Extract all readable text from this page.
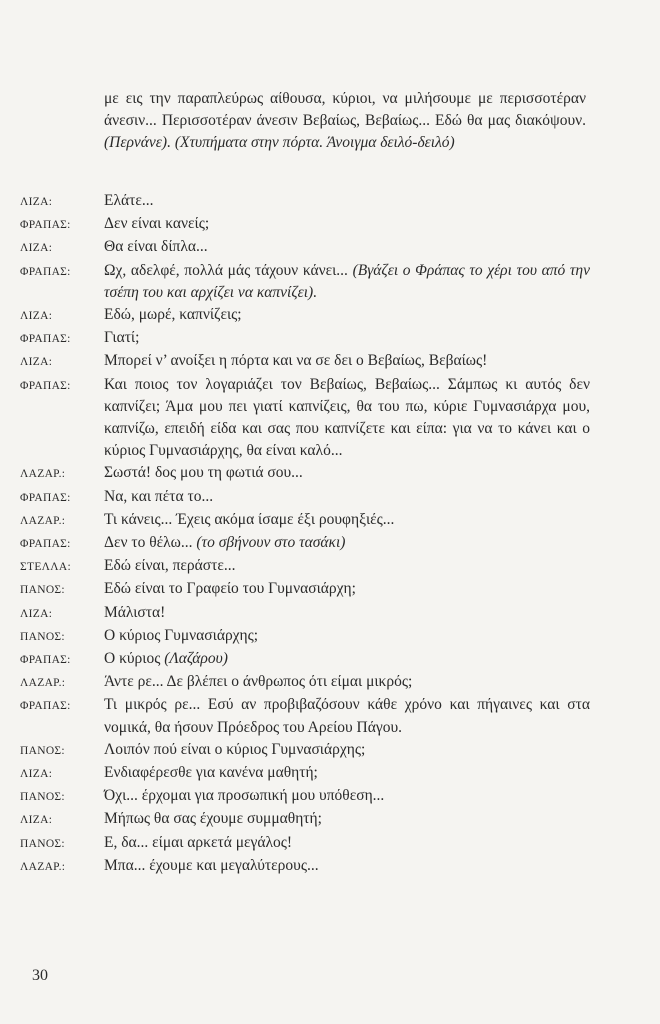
με εις την παραπλεύρως αίθουσα, κύριοι, να μιλήσουμε με περισσοτέραν άνεσιν... Περισσοτέραν άνεσιν Βεβαίως, Βεβαίως... Εδώ θα μας διακόψουν. (Περνάνε). (Χτυπήματα στην πόρτα. Άνοιγμα δειλό-δειλό)
ΛΙΖΑ:	Ελάτε...
ΦΡΑΠΑΣ:	Δεν είναι κανείς;
ΛΙΖΑ:	Θα είναι δίπλα...
ΦΡΑΠΑΣ:	Ωχ, αδελφέ, πολλά μάς τάχουν κάνει... (Βγάζει ο Φράπας το χέρι του από την τσέπη του και αρχίζει να καπνίζει).
ΛΙΖΑ:	Εδώ, μωρέ, καπνίζεις;
ΦΡΑΠΑΣ:	Γιατί;
ΛΙΖΑ:	Μπορεί ν’ ανοίξει η πόρτα και να σε δει ο Βεβαίως, Βεβαίως!
ΦΡΑΠΑΣ:	Και ποιος τον λογαριάζει τον Βεβαίως, Βεβαίως... Σάμπως κι αυτός δεν καπνίζει; Άμα μου πει γιατί καπνίζεις, θα του πω, κύριε Γυμνασιάρχα μου, καπνίζω, επειδή είδα και σας που καπνίζετε και είπα: για να το κάνει και ο κύριος Γυμνασιάρχης, θα είναι καλό...
ΛΑΖΑΡ.:	Σωστά! δος μου τη φωτιά σου...
ΦΡΑΠΑΣ:	Να, και πέτα το...
ΛΑΖΑΡ.:	Τι κάνεις... Έχεις ακόμα ίσαμε έξι ρουφηξιές...
ΦΡΑΠΑΣ:	Δεν το θέλω... (το σβήνουν στο τασάκι)
ΣΤΕΛΛΑ:	Εδώ είναι, περάστε...
ΠΑΝΟΣ:	Εδώ είναι το Γραφείο του Γυμνασιάρχη;
ΛΙΖΑ:	Μάλιστα!
ΠΑΝΟΣ:	Ο κύριος Γυμνασιάρχης;
ΦΡΑΠΑΣ:	Ο κύριος (Λαζάρου)
ΛΑΖΑΡ.:	Άντε ρε... Δε βλέπει ο άνθρωπος ότι είμαι μικρός;
ΦΡΑΠΑΣ:	Τι μικρός ρε... Εσύ αν προβιβαζόσουν κάθε χρόνο και πήγαινες και στα νομικά, θα ήσουν Πρόεδρος του Αρείου Πάγου.
ΠΑΝΟΣ:	Λοιπόν πού είναι ο κύριος Γυμνασιάρχης;
ΛΙΖΑ:	Ενδιαφέρεσθε για κανένα μαθητή;
ΠΑΝΟΣ:	Όχι... έρχομαι για προσωπική μου υπόθεση...
ΛΙΖΑ:	Μήπως θα σας έχουμε συμμαθητή;
ΠΑΝΟΣ:	Ε, δα... είμαι αρκετά μεγάλος!
ΛΑΖΑΡ.:	Μπα... έχουμε και μεγαλύτερους...
30
